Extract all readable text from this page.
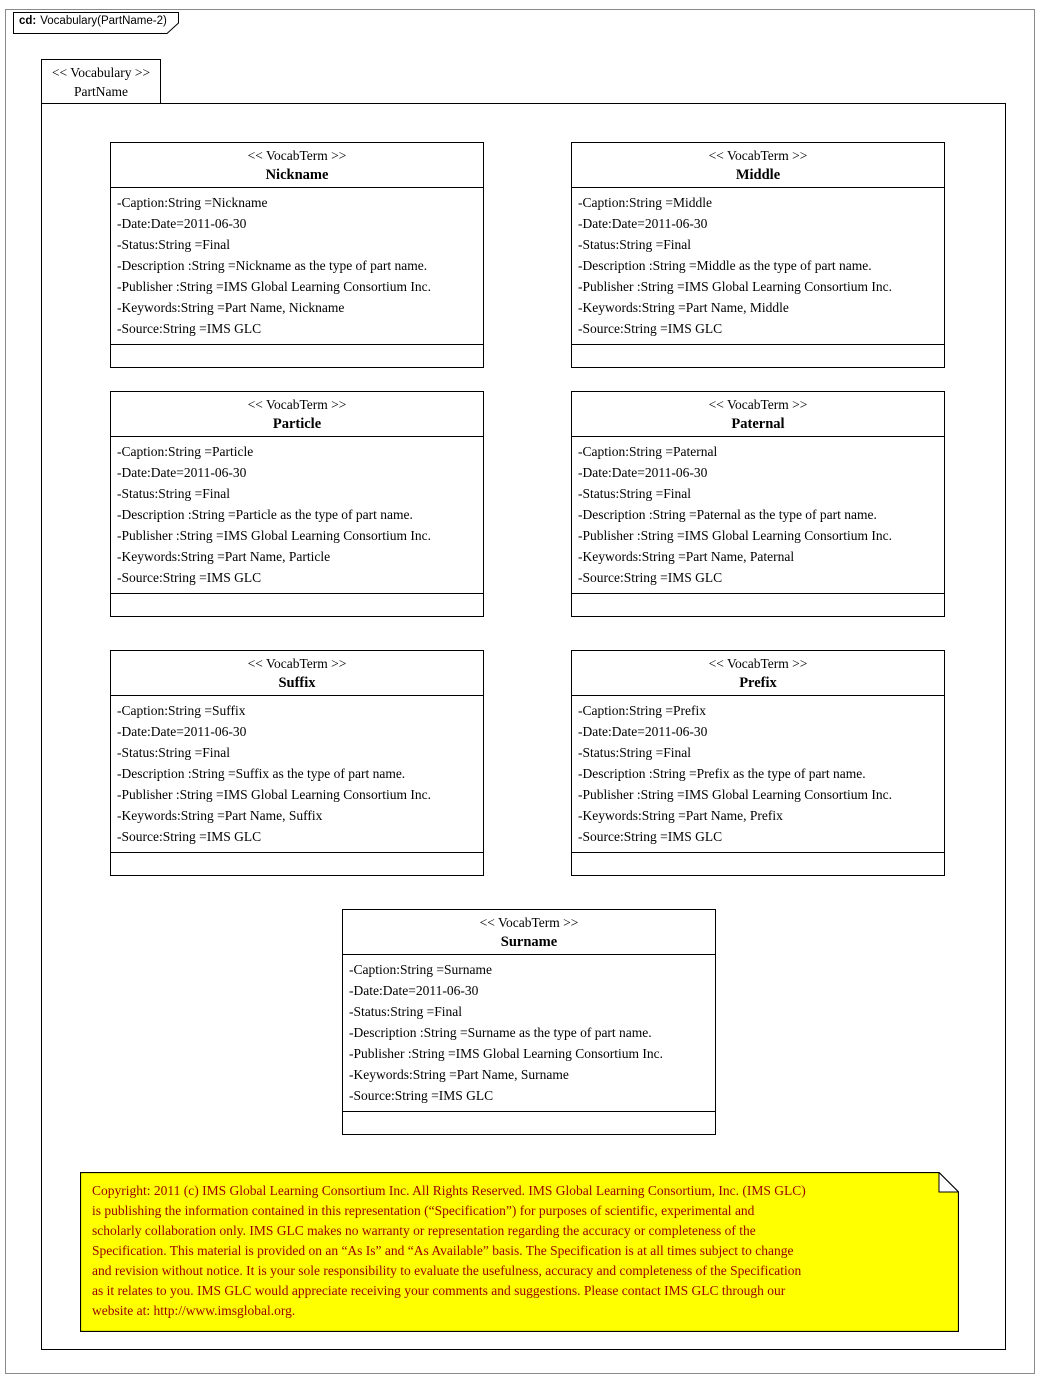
cd: Vocabulary(PartName-2)
<< Vocabulary >>
PartName
<< VocabTerm >>
Nickname
-Caption:String =Nickname
-Date:Date=2011-06-30
-Status:String =Final
-Description :String =Nickname as the type of part name.
-Publisher :String =IMS Global Learning Consortium Inc.
-Keywords:String =Part Name, Nickname
-Source:String =IMS GLC
<< VocabTerm >>
Middle
-Caption:String =Middle
-Date:Date=2011-06-30
-Status:String =Final
-Description :String =Middle as the type of part name.
-Publisher :String =IMS Global Learning Consortium Inc.
-Keywords:String =Part Name, Middle
-Source:String =IMS GLC
<< VocabTerm >>
Particle
-Caption:String =Particle
-Date:Date=2011-06-30
-Status:String =Final
-Description :String =Particle as the type of part name.
-Publisher :String =IMS Global Learning Consortium Inc.
-Keywords:String =Part Name, Particle
-Source:String =IMS GLC
<< VocabTerm >>
Paternal
-Caption:String =Paternal
-Date:Date=2011-06-30
-Status:String =Final
-Description :String =Paternal as the type of part name.
-Publisher :String =IMS Global Learning Consortium Inc.
-Keywords:String =Part Name, Paternal
-Source:String =IMS GLC
<< VocabTerm >>
Suffix
-Caption:String =Suffix
-Date:Date=2011-06-30
-Status:String =Final
-Description :String =Suffix as the type of part name.
-Publisher :String =IMS Global Learning Consortium Inc.
-Keywords:String =Part Name, Suffix
-Source:String =IMS GLC
<< VocabTerm >>
Prefix
-Caption:String =Prefix
-Date:Date=2011-06-30
-Status:String =Final
-Description :String =Prefix as the type of part name.
-Publisher :String =IMS Global Learning Consortium Inc.
-Keywords:String =Part Name, Prefix
-Source:String =IMS GLC
<< VocabTerm >>
Surname
-Caption:String =Surname
-Date:Date=2011-06-30
-Status:String =Final
-Description :String =Surname as the type of part name.
-Publisher :String =IMS Global Learning Consortium Inc.
-Keywords:String =Part Name, Surname
-Source:String =IMS GLC
Copyright: 2011 (c) IMS Global Learning Consortium Inc. All Rights Reserved. IMS Global Learning Consortium, Inc. (IMS GLC)
is publishing the information contained in this representation (“Specification”) for purposes of scientific, experimental and
scholarly collaboration only. IMS GLC makes no warranty or representation regarding the accuracy or completeness of the
Specification. This material is provided on an “As Is” and “As Available” basis. The Specification is at all times subject to change
and revision without notice. It is your sole responsibility to evaluate the usefulness, accuracy and completeness of the Specification
as it relates to you. IMS GLC would appreciate receiving your comments and suggestions. Please contact IMS GLC through our
website at: http://www.imsglobal.org.
